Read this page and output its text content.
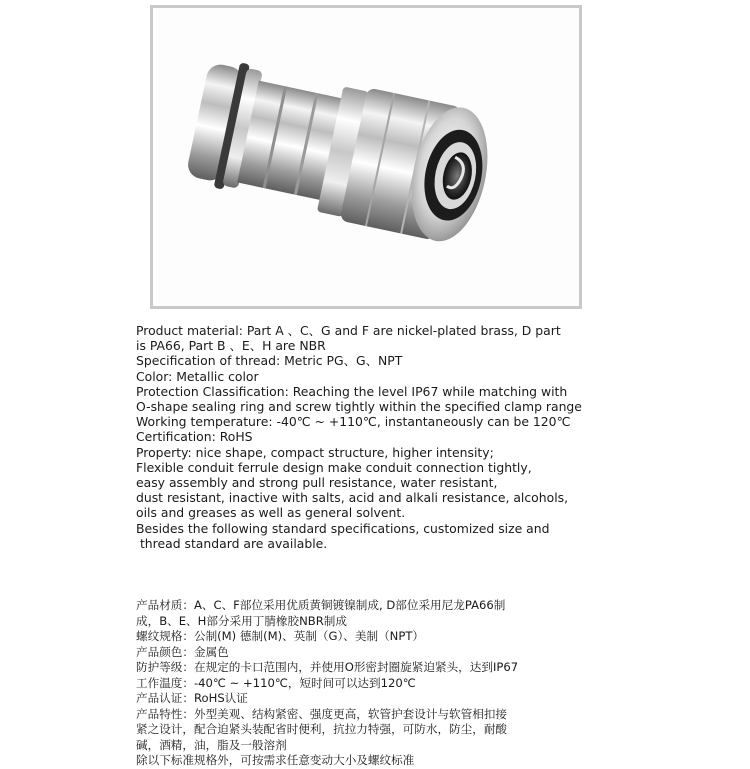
Product material: Part A 、C、G and F are nickel-plated brass, D part
is PA66, Part B 、E、H are NBR
Specification of thread: Metric PG、G、NPT
Color: Metallic color
Protection Classification: Reaching the level IP67 while matching with
O-shape sealing ring and screw tightly within the specified clamp range
Working temperature: -40℃ ~ +110℃, instantaneously can be 120℃
Certification: RoHS
Property: nice shape, compact structure, higher intensity;
Flexible conduit ferrule design make conduit connection tightly,
easy assembly and strong pull resistance, water resistant,
dust resistant, inactive with salts, acid and alkali resistance, alcohols,
oils and greases as well as general solvent.
Besides the following standard specifications, customized size and
thread standard are available.
产品材质：A、C、F部位采用优质黄铜镀镍制成, D部位采用尼龙PA66制
成，B、E、H部分采用丁腈橡胶NBR制成
螺纹规格：公制(M) 德制(M)、英制（G）、美制（NPT）
产品颜色：金属色
防护等级：在规定的卡口范围内，并使用O形密封圈旋紧迫紧头，达到IP67
工作温度：-40℃ ~ +110℃，短时间可以达到120℃
产品认证：RoHS认证
产品特性：外型美观、结构紧密、强度更高，软管护套设计与软管相扣接
紧之设计，配合迫紧头装配省时便利，抗拉力特强，可防水，防尘，耐酸
碱，酒精，油，脂及一般溶剂
除以下标准规格外，可按需求任意变动大小及螺纹标准
